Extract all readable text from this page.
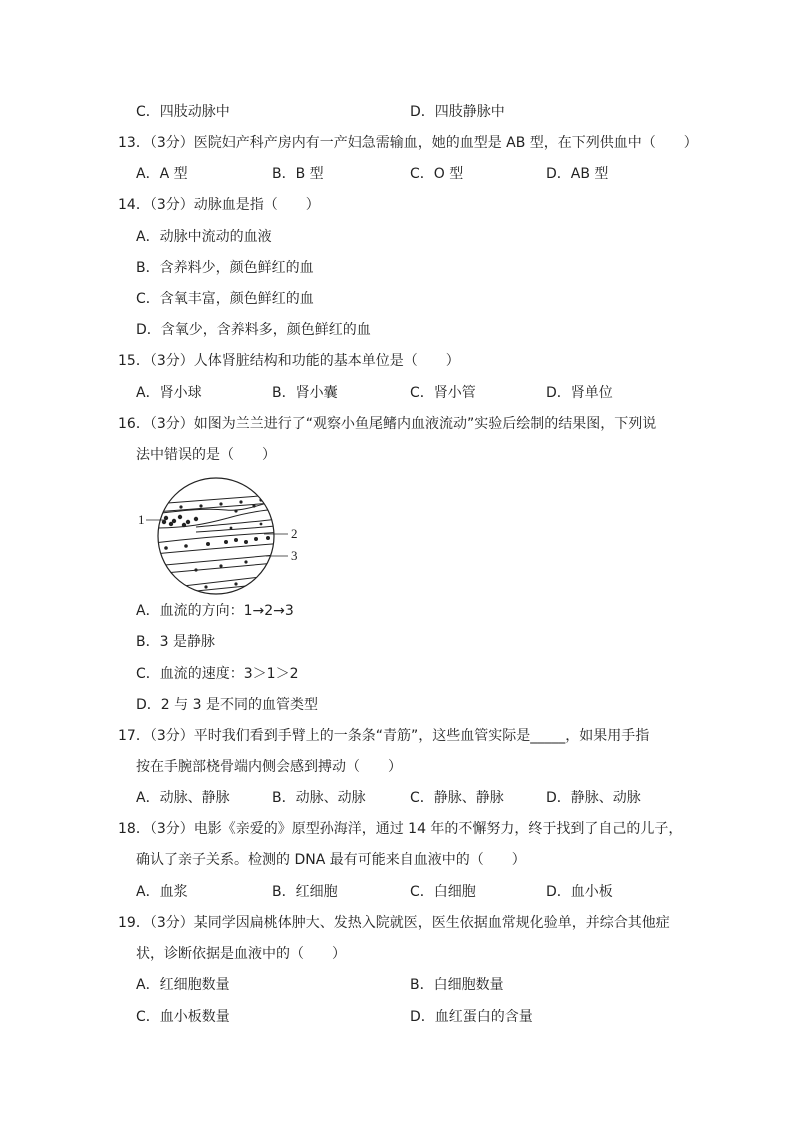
C．四肢动脉中	D．四肢静脉中
13．（3分）医院妇产科产房内有一产妇急需输血，她的血型是 AB 型，在下列供血中（　　）
A．A 型	B．B 型	C．O 型	D．AB 型
14．（3分）动脉血是指（　　）
A．动脉中流动的血液
B．含养料少，颜色鲜红的血
C．含氧丰富，颜色鲜红的血
D．含氧少，含养料多，颜色鲜红的血
15．（3分）人体肾脏结构和功能的基本单位是（　　）
A．肾小球	B．肾小囊	C．肾小管	D．肾单位
16．（3分）如图为兰兰进行了“观察小鱼尾鳍内血液流动”实验后绘制的结果图，下列说
法中错误的是（　　）
1
2
3
A．血流的方向：1→2→3
B．3 是静脉
C．血流的速度：3＞1＞2
D．2 与 3 是不同的血管类型
17．（3分）平时我们看到手臂上的一条条“青筋”，这些血管实际是_____，如果用手指
按在手腕部桡骨端内侧会感到搏动（　　）
A．动脉、静脉	B．动脉、动脉	C．静脉、静脉	D．静脉、动脉
18．（3分）电影《亲爱的》原型孙海洋，通过 14 年的不懈努力，终于找到了自己的儿子，
确认了亲子关系。检测的 DNA 最有可能来自血液中的（　　）
A．血浆	B．红细胞	C．白细胞	D．血小板
19．（3分）某同学因扁桃体肿大、发热入院就医，医生依据血常规化验单，并综合其他症
状，诊断依据是血液中的（　　）
A．红细胞数量	B．白细胞数量
C．血小板数量	D．血红蛋白的含量
